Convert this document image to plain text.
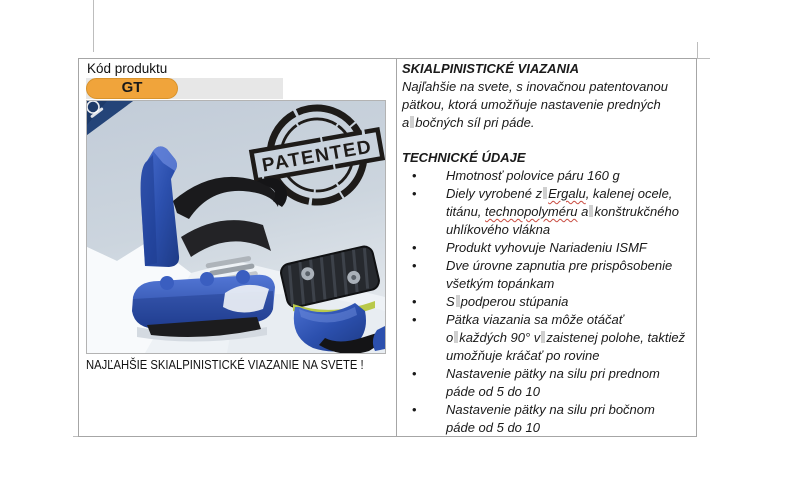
Kód produktu
GT
PATENTED
NAJĽAHŠIE SKIALPINISTICKÉ VIAZANIE NA SVETE !
SKIALPINISTICKÉ VIAZANIA

Najľahšie na svete, s inovačnou patentovanou
pätkou, ktorá umožňuje nastavenie predných
a bočných síl pri páde.

TECHNICKÉ ÚDAJE
• Hmotnosť polovice páru 160 g
• Diely vyrobené z Ergalu, kalenej ocele,
titánu, technopolyméru a konštrukčného
uhlíkového vlákna
• Produkt vyhovuje Nariadeniu ISMF
• Dve úrovne zapnutia pre prispôsobenie
všetkým topánkam
• S podperou stúpania
• Pätka viazania sa môže otáčať
o každých 90° v zaistenej polohe, taktiež
umožňuje kráčať po rovine
• Nastavenie pätky na silu pri prednom
páde od 5 do 10
• Nastavenie pätky na silu pri bočnom
páde od 5 do 10
